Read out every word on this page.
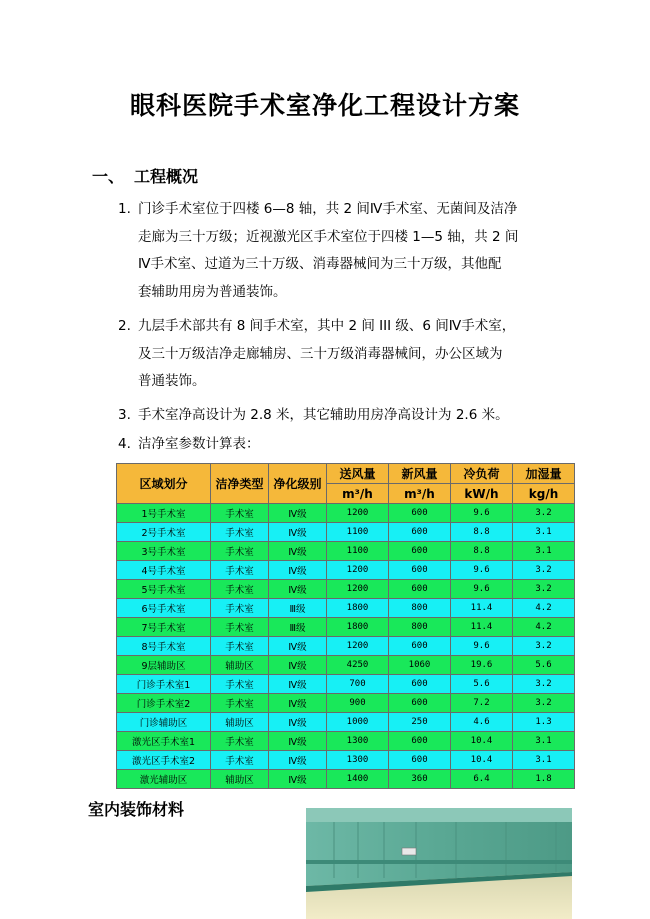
眼科医院手术室净化工程设计方案
一、 工程概况
1. 门诊手术室位于四楼 6—8 轴，共 2 间Ⅳ手术室、无菌间及洁净
走廊为三十万级；近视激光区手术室位于四楼 1—5 轴，共 2 间
Ⅳ手术室、过道为三十万级、消毒器械间为三十万级，其他配
套辅助用房为普通装饰。
2. 九层手术部共有 8 间手术室，其中 2 间 III 级、6 间Ⅳ手术室，
及三十万级洁净走廊辅房、三十万级消毒器械间，办公区域为
普通装饰。
3. 手术室净高设计为 2.8 米，其它辅助用房净高设计为 2.6 米。
4. 洁净室参数计算表：
区域划分	洁净类型	净化级别	送风量	新风量	冷负荷	加湿量
			m³/h	m³/h	kW/h	kg/h
1号手术室	手术室	Ⅳ级	1200	600	9.6	3.2
2号手术室	手术室	Ⅳ级	1100	600	8.8	3.1
3号手术室	手术室	Ⅳ级	1100	600	8.8	3.1
4号手术室	手术室	Ⅳ级	1200	600	9.6	3.2
5号手术室	手术室	Ⅳ级	1200	600	9.6	3.2
6号手术室	手术室	Ⅲ级	1800	800	11.4	4.2
7号手术室	手术室	Ⅲ级	1800	800	11.4	4.2
8号手术室	手术室	Ⅳ级	1200	600	9.6	3.2
9层辅助区	辅助区	Ⅳ级	4250	1060	19.6	5.6
门诊手术室1	手术室	Ⅳ级	700	600	5.6	3.2
门诊手术室2	手术室	Ⅳ级	900	600	7.2	3.2
门诊辅助区	辅助区	Ⅳ级	1000	250	4.6	1.3
激光区手术室1	手术室	Ⅳ级	1300	600	10.4	3.1
激光区手术室2	手术室	Ⅳ级	1300	600	10.4	3.1
激光辅助区	辅助区	Ⅳ级	1400	360	6.4	1.8
室内装饰材料
